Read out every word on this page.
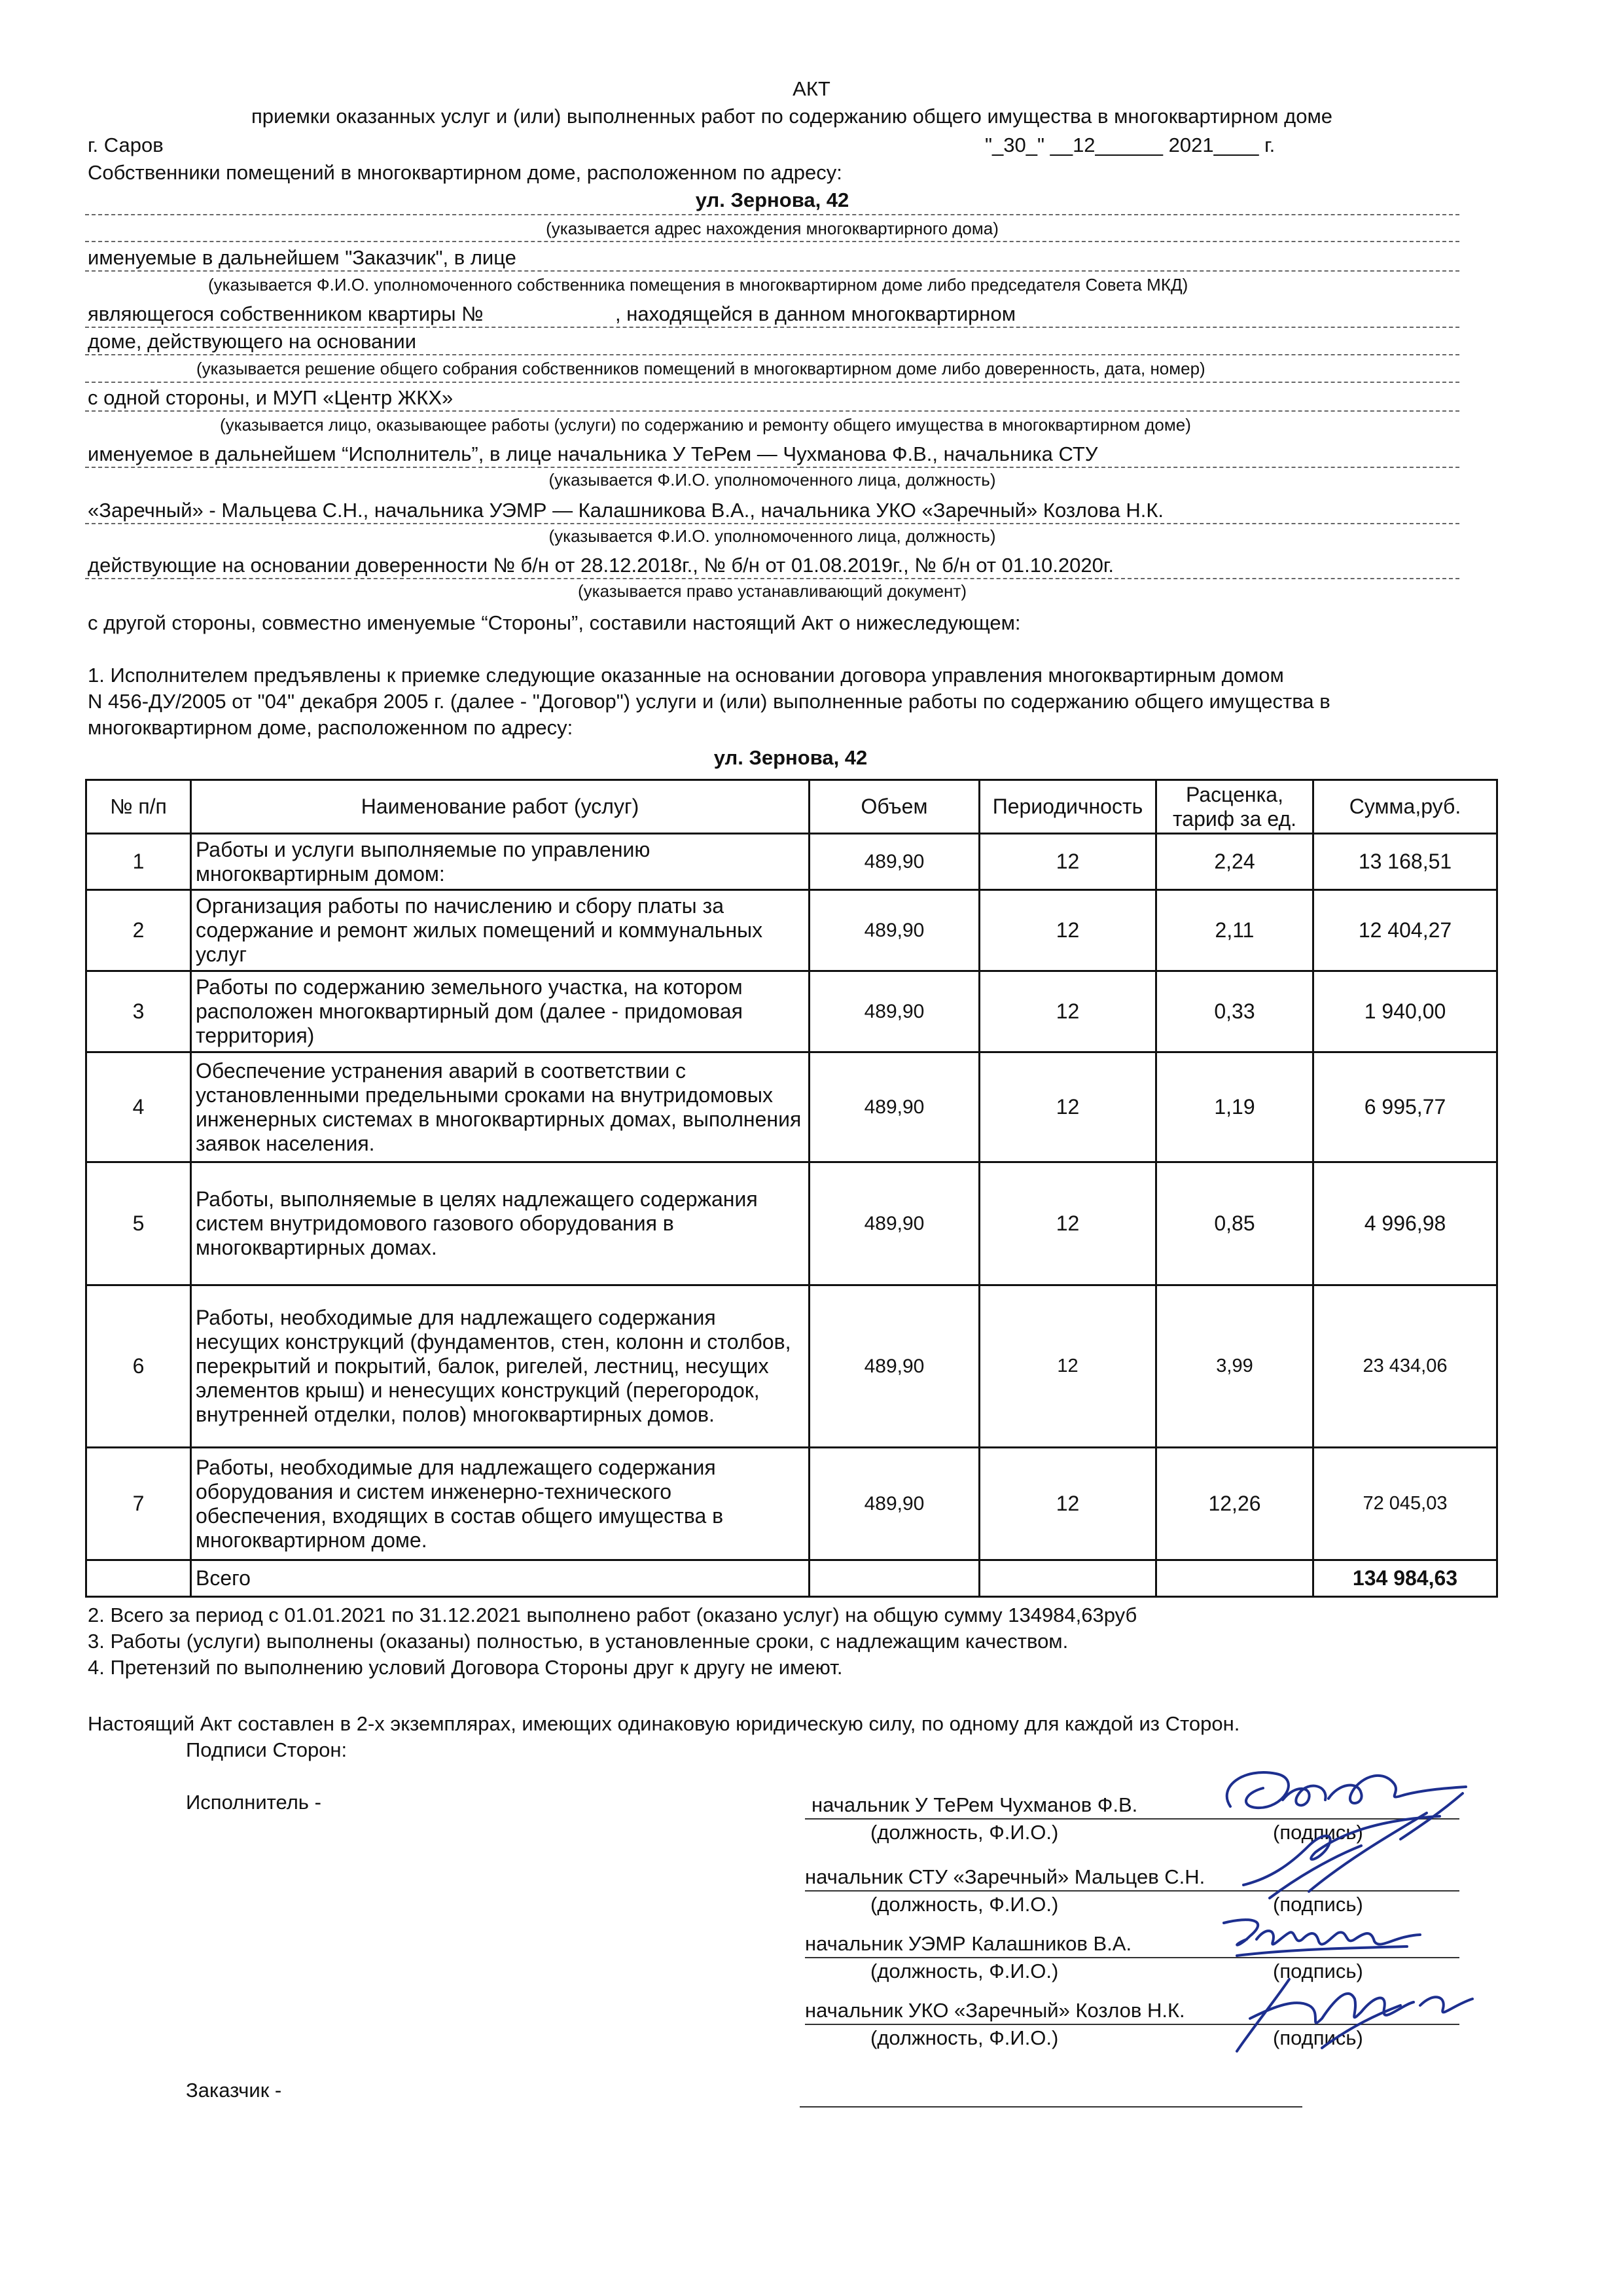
АКТ
приемки оказанных услуг и (или) выполненных работ по содержанию общего имущества в многоквартирном доме
г. Саров	"_30_" __12______ 2021____ г.
Собственники помещений в многоквартирном доме, расположенном по адресу:
ул. Зернова, 42
(указывается адрес нахождения многоквартирного дома)
именуемые в дальнейшем "Заказчик", в лице
(указывается Ф.И.О. уполномоченного собственника помещения в многоквартирном доме либо председателя Совета МКД)
являющегося собственником квартиры №	, находящейся в данном многоквартирном
доме, действующего на основании
(указывается решение общего собрания собственников помещений в многоквартирном доме либо доверенность, дата, номер)
с одной стороны, и МУП «Центр ЖКХ»
(указывается лицо, оказывающее работы (услуги) по содержанию и ремонту общего имущества в многоквартирном доме)
именуемое в дальнейшем “Исполнитель”, в лице начальника У ТеРем — Чухманова Ф.В., начальника СТУ
(указывается Ф.И.О. уполномоченного лица, должность)
«Заречный» - Мальцева С.Н., начальника УЭМР — Калашникова В.А., начальника УКО «Заречный» Козлова Н.К.
(указывается Ф.И.О. уполномоченного лица, должность)
действующие на основании доверенности № б/н от 28.12.2018г., № б/н от 01.08.2019г., № б/н от 01.10.2020г.
(указывается право устанавливающий документ)
с другой стороны, совместно именуемые “Стороны”, составили настоящий Акт о нижеследующем:
1. Исполнителем предъявлены к приемке следующие оказанные на основании договора управления многоквартирным домом
N 456-ДУ/2005 от "04" декабря 2005 г. (далее - "Договор") услуги и (или) выполненные работы по содержанию общего имущества в
многоквартирном доме, расположенном по адресу:
ул. Зернова, 42
№ п/п	Наименование работ (услуг)	Объем	Периодичность	Расценка, тариф за ед.	Сумма,руб.
1	Работы и услуги выполняемые по управлению многоквартирным домом:	489,90	12	2,24	13 168,51
2	Организация работы по начислению и сбору платы за содержание и ремонт жилых помещений и коммунальных услуг	489,90	12	2,11	12 404,27
3	Работы по содержанию земельного участка, на котором расположен многоквартирный дом (далее - придомовая территория)	489,90	12	0,33	1 940,00
4	Обеспечение устранения аварий в соответствии с установленными предельными сроками на внутридомовых инженерных системах в многоквартирных домах, выполнения заявок населения.	489,90	12	1,19	6 995,77
5	Работы, выполняемые в целях надлежащего содержания систем внутридомового газового оборудования в многоквартирных домах.	489,90	12	0,85	4 996,98
6	Работы, необходимые для надлежащего содержания несущих конструкций (фундаментов, стен, колонн и столбов, перекрытий и покрытий, балок, ригелей, лестниц, несущих элементов крыш) и ненесущих конструкций (перегородок, внутренней отделки, полов) многоквартирных домов.	489,90	12	3,99	23 434,06
7	Работы, необходимые для надлежащего содержания оборудования и систем инженерно-технического обеспечения, входящих в состав общего имущества в многоквартирном доме.	489,90	12	12,26	72 045,03
	Всего				134 984,63
2. Всего за период с 01.01.2021 по 31.12.2021 выполнено работ (оказано услуг) на общую сумму 134984,63руб
3. Работы (услуги) выполнены (оказаны) полностью, в установленные сроки, с надлежащим качеством.
4. Претензий по выполнению условий Договора Стороны друг к другу не имеют.
Настоящий Акт составлен в 2-х экземплярах, имеющих одинаковую юридическую силу, по одному для каждой из Сторон.
Подписи Сторон:
Исполнитель -	начальник У ТеРем Чухманов Ф.В.
(должность, Ф.И.О.)	(подпись)
начальник СТУ «Заречный» Мальцев С.Н.
(должность, Ф.И.О.)	(подпись)
начальник УЭМР Калашников В.А.
(должность, Ф.И.О.)	(подпись)
начальник УКО «Заречный» Козлов Н.К.
(должность, Ф.И.О.)	(подпись)
Заказчик -
